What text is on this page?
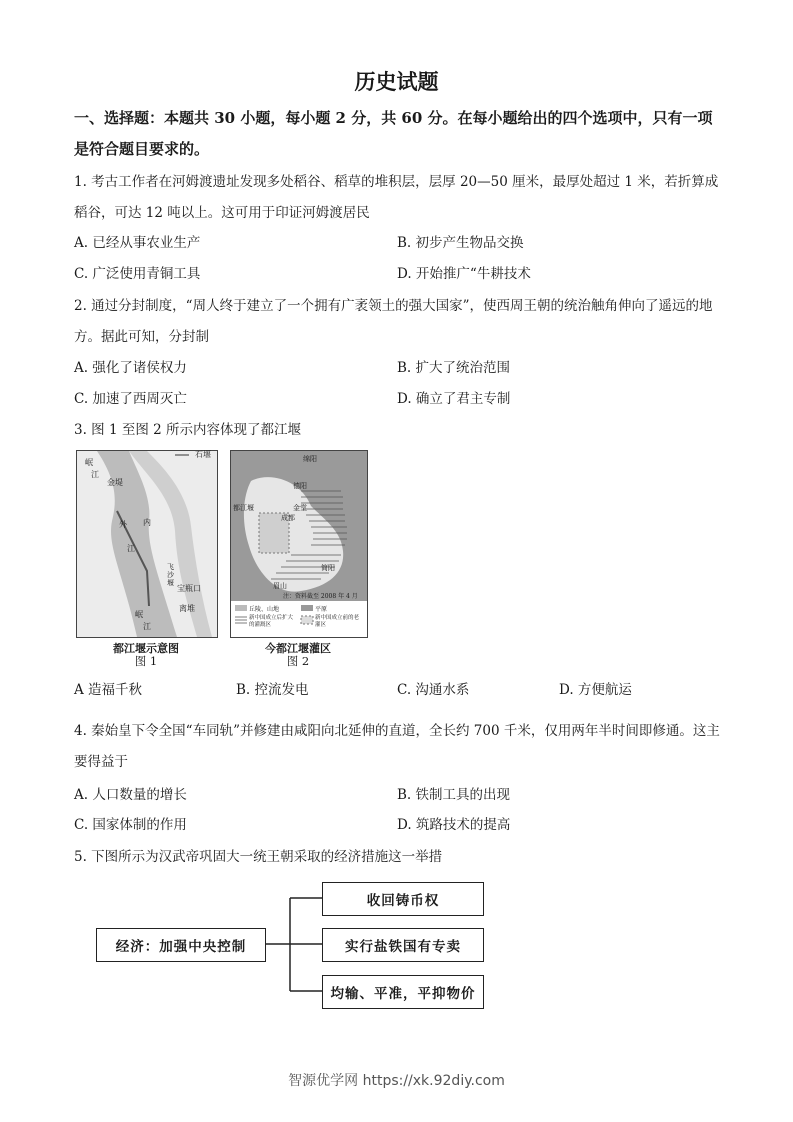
历史试题
一、选择题：本题共 30 小题，每小题 2 分，共 60 分。在每小题给出的四个选项中，只有一项是符合题目要求的。
1. 考古工作者在河姆渡遗址发现多处稻谷、稻草的堆积层，层厚 20—50 厘米，最厚处超过 1 米，若折算成稻谷，可达 12 吨以上。这可用于印证河姆渡居民
A. 已经从事农业生产	B. 初步产生物品交换
C. 广泛使用青铜工具	D. 开始推广“牛耕技术
2. 通过分封制度，“周人终于建立了一个拥有广袤领土的强大国家”，使西周王朝的统治触角伸向了遥远的地方。据此可知，分封制
A. 强化了诸侯权力	B. 扩大了统治范围
C. 加速了西周灭亡	D. 确立了君主专制
3. 图 1 至图 2 所示内容体现了都江堰
石堰
岷
江
金堤
外 内
江
飞沙堰
宝瓶口
离堆
岷
江
都江堰示意图
图 1
绵阳
德阳
成都
眉山
都江堰	金堂
简阳
注：资料截至 2008 年 4 月
丘陵、山地	平原
新中国成立后扩大的灌溉区
新中国成立前的老灌区
今都江堰灌区
图 2
A 造福千秋	B. 控流发电	C. 沟通水系	D. 方便航运
4. 秦始皇下令全国“车同轨”并修建由咸阳向北延伸的直道，全长约 700 千米，仅用两年半时间即修通。这主要得益于
A. 人口数量的增长	B. 铁制工具的出现
C. 国家体制的作用	D. 筑路技术的提高
5. 下图所示为汉武帝巩固大一统王朝采取的经济措施这一举措
经济：加强中央控制
收回铸币权
实行盐铁国有专卖
均输、平准，平抑物价
智源优学网 https://xk.92diy.com
